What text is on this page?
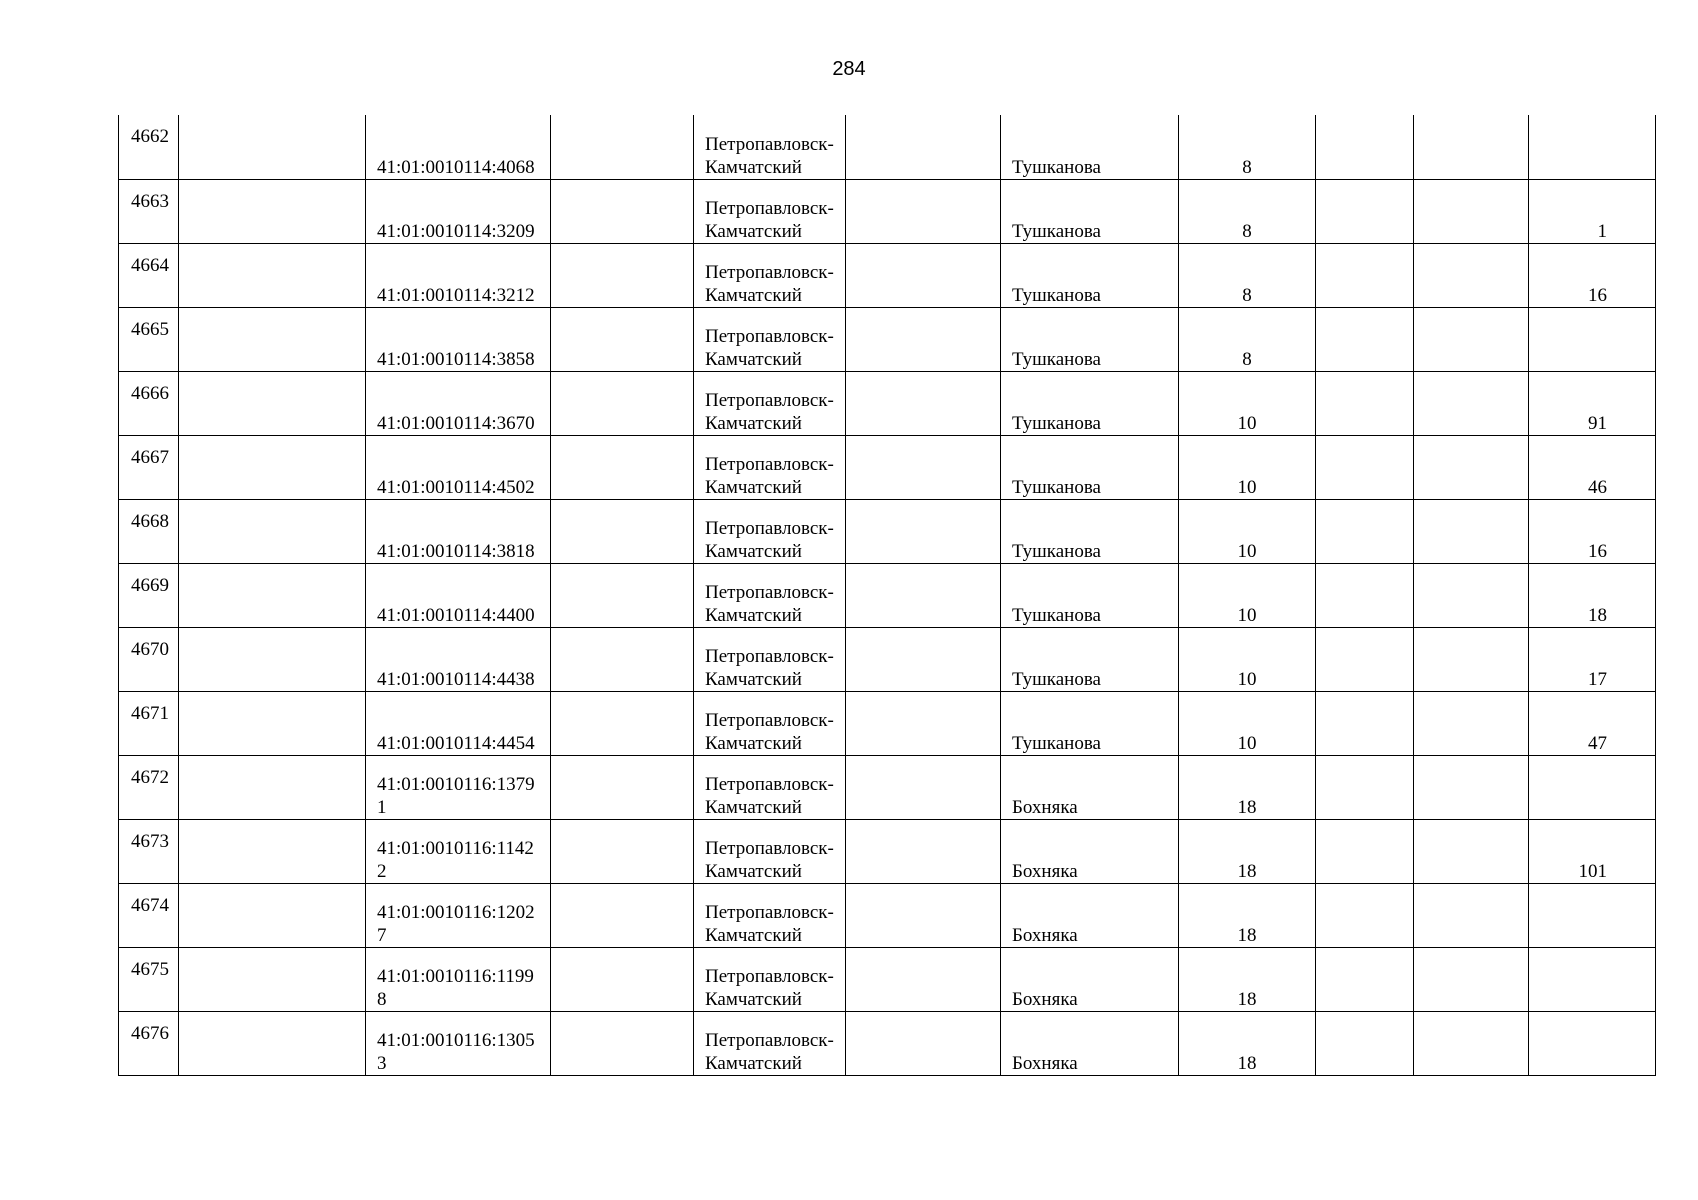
284
4662		41:01:0010114:4068		Петропавловск-Камчатский		Тушканова	8			
4663		41:01:0010114:3209		Петропавловск-Камчатский		Тушканова	8			1
4664		41:01:0010114:3212		Петропавловск-Камчатский		Тушканова	8			16
4665		41:01:0010114:3858		Петропавловск-Камчатский		Тушканова	8			
4666		41:01:0010114:3670		Петропавловск-Камчатский		Тушканова	10			91
4667		41:01:0010114:4502		Петропавловск-Камчатский		Тушканова	10			46
4668		41:01:0010114:3818		Петропавловск-Камчатский		Тушканова	10			16
4669		41:01:0010114:4400		Петропавловск-Камчатский		Тушканова	10			18
4670		41:01:0010114:4438		Петропавловск-Камчатский		Тушканова	10			17
4671		41:01:0010114:4454		Петропавловск-Камчатский		Тушканова	10			47
4672		41:01:0010116:13791		Петропавловск-Камчатский		Бохняка	18			
4673		41:01:0010116:11422		Петропавловск-Камчатский		Бохняка	18			101
4674		41:01:0010116:12027		Петропавловск-Камчатский		Бохняка	18			
4675		41:01:0010116:11998		Петропавловск-Камчатский		Бохняка	18			
4676		41:01:0010116:13053		Петропавловск-Камчатский		Бохняка	18			
